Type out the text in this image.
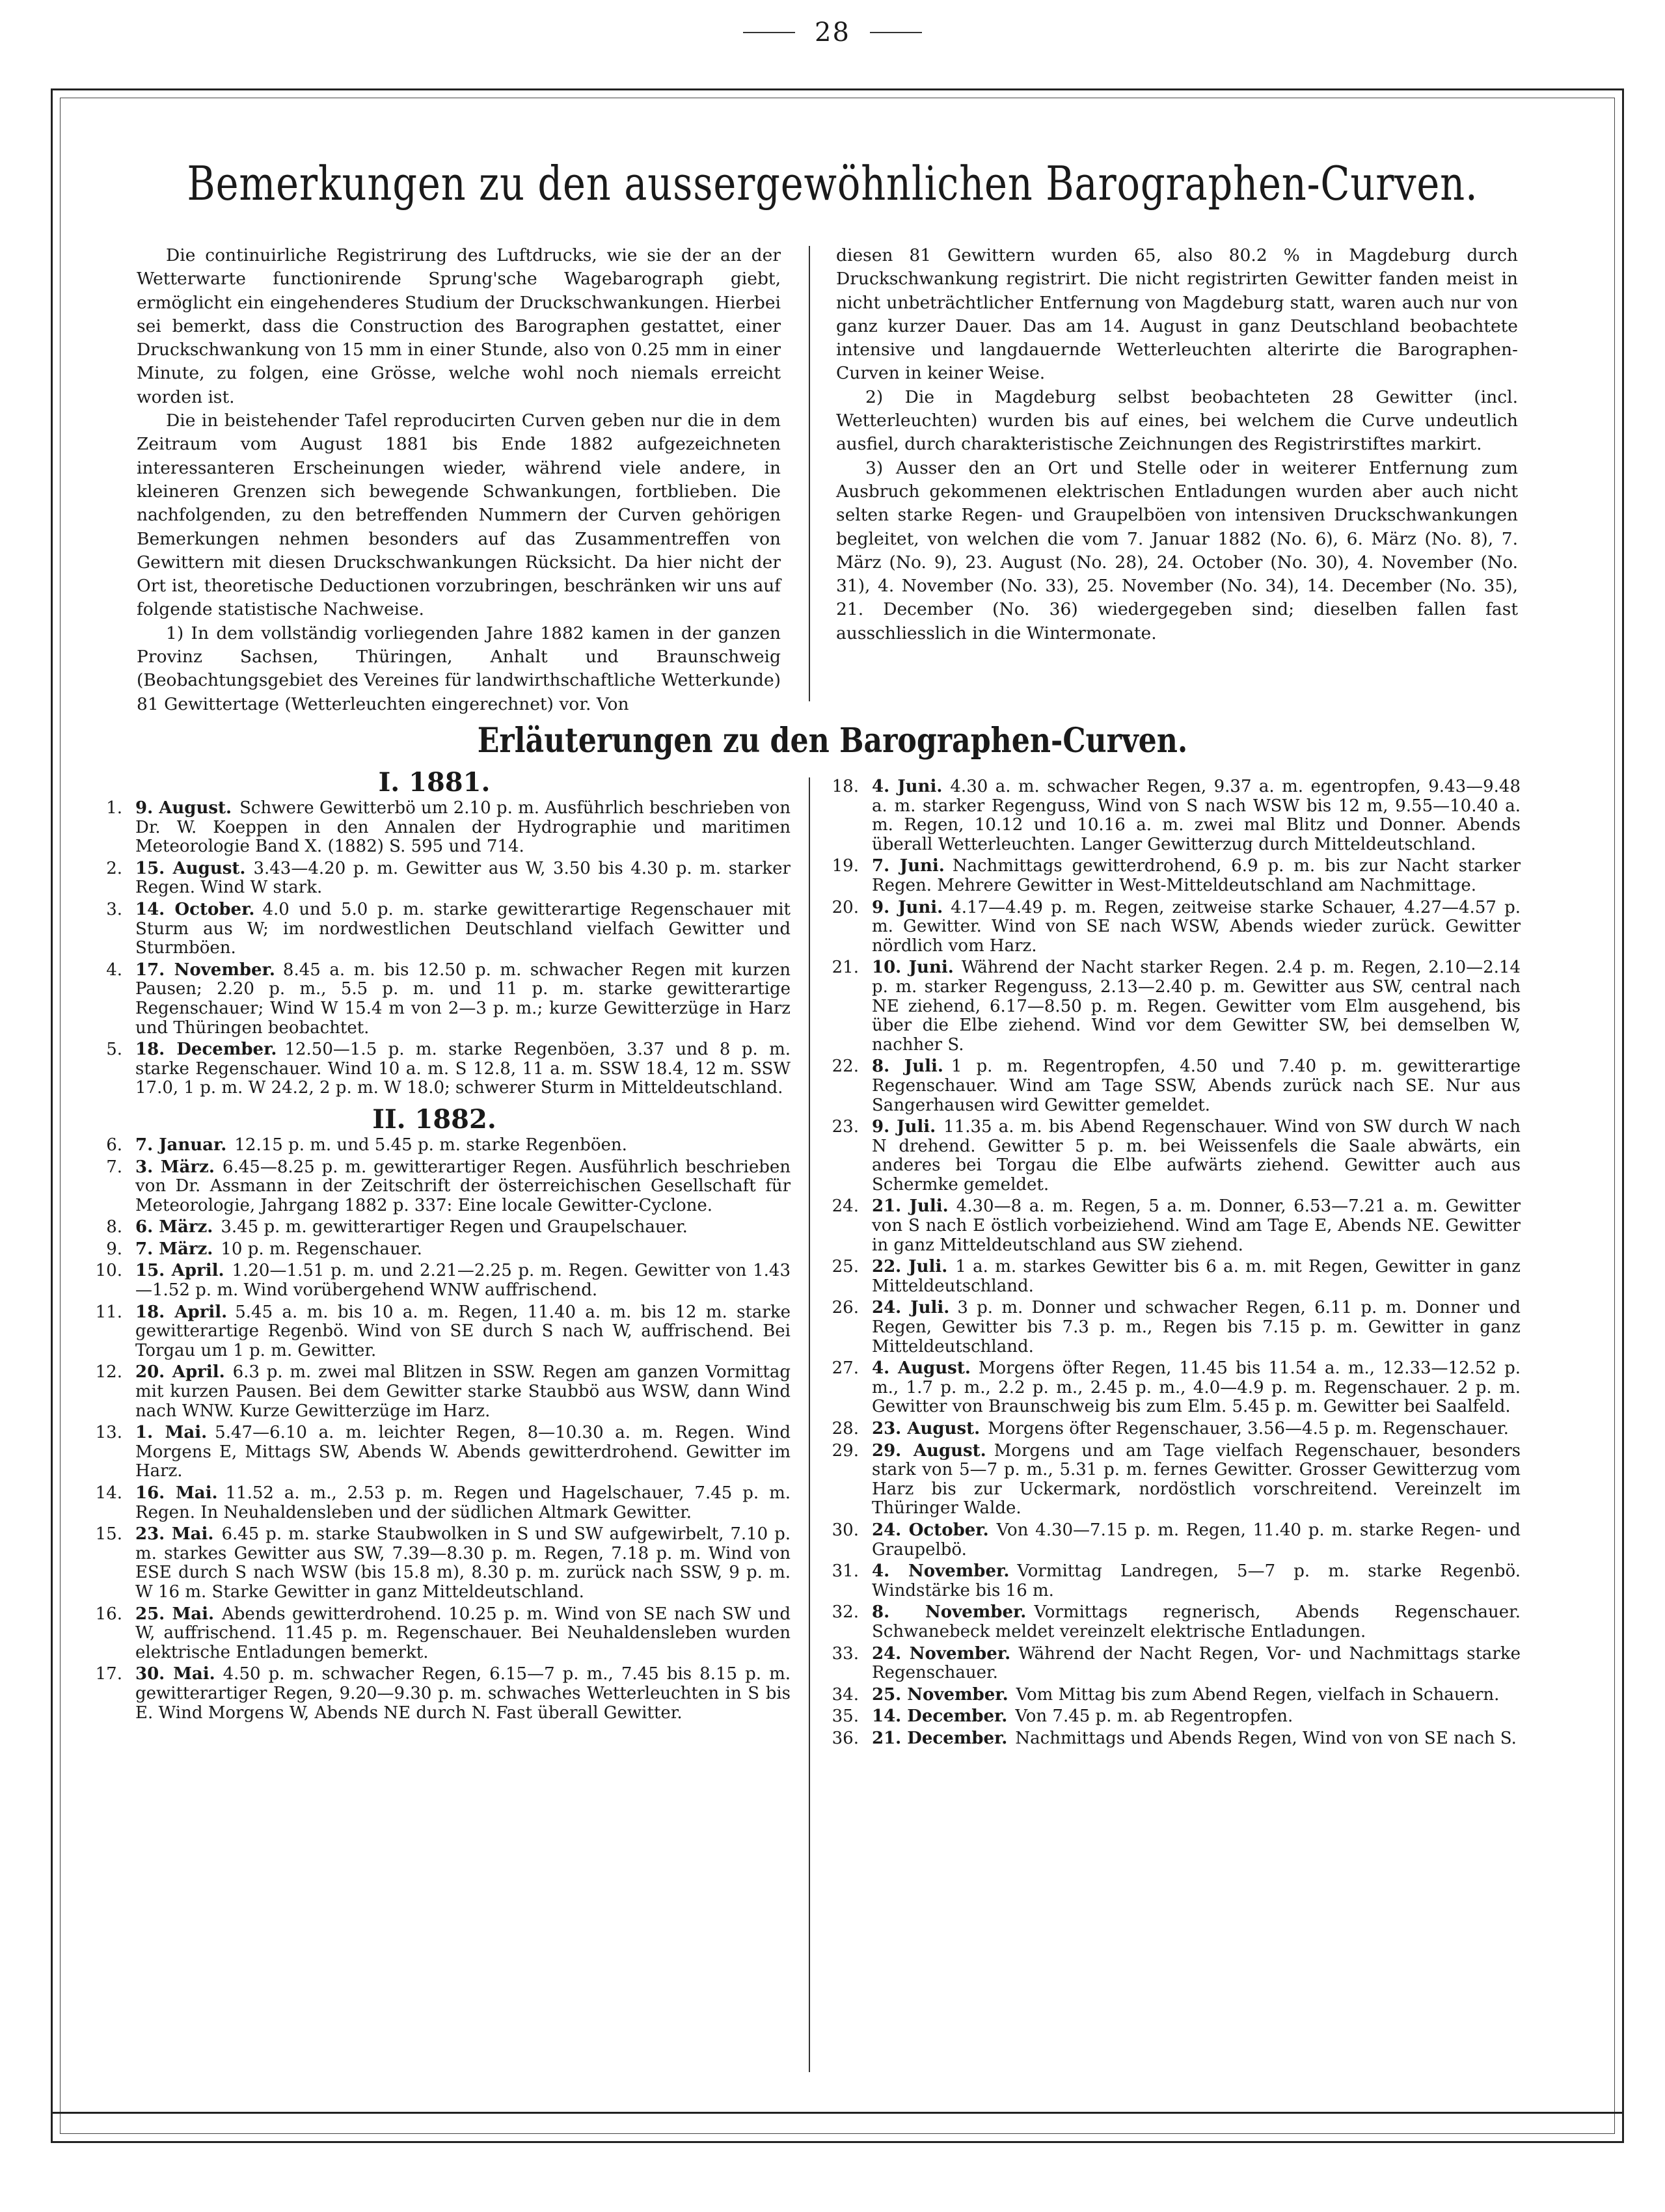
28
Bemerkungen zu den aussergewöhnlichen Barographen-Curven.

Die continuirliche Registrirung des Luftdrucks, wie sie der an der Wetterwarte functionirende Sprung'sche Wagebarograph giebt, ermöglicht ein eingehenderes Studium der Druckschwankungen. Hierbei sei bemerkt, dass die Construction des Barographen gestattet, einer Druckschwankung von 15 mm in einer Stunde, also von 0.25 mm in einer Minute, zu folgen, eine Grösse, welche wohl noch niemals erreicht worden ist.

Die in beistehender Tafel reproducirten Curven geben nur die in dem Zeitraum vom August 1881 bis Ende 1882 aufgezeichneten interessanteren Erscheinungen wieder, während viele andere, in kleineren Grenzen sich bewegende Schwankungen, fortblieben. Die nachfolgenden, zu den betreffenden Nummern der Curven gehörigen Bemerkungen nehmen besonders auf das Zusammentreffen von Gewittern mit diesen Druckschwankungen Rücksicht. Da hier nicht der Ort ist, theoretische Deductionen vorzubringen, beschränken wir uns auf folgende statistische Nachweise.

1) In dem vollständig vorliegenden Jahre 1882 kamen in der ganzen Provinz Sachsen, Thüringen, Anhalt und Braunschweig (Beobachtungsgebiet des Vereines für landwirthschaftliche Wetterkunde) 81 Gewittertage (Wetterleuchten eingerechnet) vor. Von

diesen 81 Gewittern wurden 65, also 80.2 % in Magdeburg durch Druckschwankung registrirt. Die nicht registrirten Gewitter fanden meist in nicht unbeträchtlicher Entfernung von Magdeburg statt, waren auch nur von ganz kurzer Dauer. Das am 14. August in ganz Deutschland beobachtete intensive und langdauernde Wetterleuchten alterirte die Barographen-Curven in keiner Weise.

2) Die in Magdeburg selbst beobachteten 28 Gewitter (incl. Wetterleuchten) wurden bis auf eines, bei welchem die Curve undeutlich ausfiel, durch charakteristische Zeichnungen des Registrirstiftes markirt.

3) Ausser den an Ort und Stelle oder in weiterer Entfernung zum Ausbruch gekommenen elektrischen Entladungen wurden aber auch nicht selten starke Regen- und Graupelböen von intensiven Druckschwankungen begleitet, von welchen die vom 7. Januar 1882 (No. 6), 6. März (No. 8), 7. März (No. 9), 23. August (No. 28), 24. October (No. 30), 4. November (No. 31), 4. November (No. 33), 25. November (No. 34), 14. December (No. 35), 21. December (No. 36) wiedergegeben sind; dieselben fallen fast ausschliesslich in die Wintermonate.

Erläuterungen zu den Barographen-Curven.
I. 1881.
1. 9. August. Schwere Gewitterbö um 2.10 p. m. Ausführlich beschrieben von Dr. W. Koeppen in den Annalen der Hydrographie und maritimen Meteorologie Band X. (1882) S. 595 und 714.
2. 15. August. 3.43—4.20 p. m. Gewitter aus W, 3.50 bis 4.30 p. m. starker Regen. Wind W stark.
3. 14. October. 4.0 und 5.0 p. m. starke gewitterartige Regenschauer mit Sturm aus W; im nordwestlichen Deutschland vielfach Gewitter und Sturmböen.
4. 17. November. 8.45 a. m. bis 12.50 p. m. schwacher Regen mit kurzen Pausen; 2.20 p. m., 5.5 p. m. und 11 p. m. starke gewitterartige Regenschauer; Wind W 15.4 m von 2—3 p. m.; kurze Gewitterzüge in Harz und Thüringen beobachtet.
5. 18. December. 12.50—1.5 p. m. starke Regenböen, 3.37 und 8 p. m. starke Regenschauer. Wind 10 a. m. S 12.8, 11 a. m. SSW 18.4, 12 m. SSW 17.0, 1 p. m. W 24.2, 2 p. m. W 18.0; schwerer Sturm in Mitteldeutschland.
II. 1882.
6. 7. Januar. 12.15 p. m. und 5.45 p. m. starke Regenböen.
7. 3. März. 6.45—8.25 p. m. gewitterartiger Regen. Ausführlich beschrieben von Dr. Assmann in der Zeitschrift der österreichischen Gesellschaft für Meteorologie, Jahrgang 1882 p. 337: Eine locale Gewitter-Cyclone.
8. 6. März. 3.45 p. m. gewitterartiger Regen und Graupelschauer.
9. 7. März. 10 p. m. Regenschauer.
10. 15. April. 1.20—1.51 p. m. und 2.21—2.25 p. m. Regen. Gewitter von 1.43—1.52 p. m. Wind vorübergehend WNW auffrischend.
11. 18. April. 5.45 a. m. bis 10 a. m. Regen, 11.40 a. m. bis 12 m. starke gewitterartige Regenbö. Wind von SE durch S nach W, auffrischend. Bei Torgau um 1 p. m. Gewitter.
12. 20. April. 6.3 p. m. zwei mal Blitzen in SSW. Regen am ganzen Vormittag mit kurzen Pausen. Bei dem Gewitter starke Staubbö aus WSW, dann Wind nach WNW. Kurze Gewitterzüge im Harz.
13. 1. Mai. 5.47—6.10 a. m. leichter Regen, 8—10.30 a. m. Regen. Wind Morgens E, Mittags SW, Abends W. Abends gewitterdrohend. Gewitter im Harz.
14. 16. Mai. 11.52 a. m., 2.53 p. m. Regen und Hagelschauer, 7.45 p. m. Regen. In Neuhaldensleben und der südlichen Altmark Gewitter.
15. 23. Mai. 6.45 p. m. starke Staubwolken in S und SW aufgewirbelt, 7.10 p. m. starkes Gewitter aus SW, 7.39—8.30 p. m. Regen, 7.18 p. m. Wind von ESE durch S nach WSW (bis 15.8 m), 8.30 p. m. zurück nach SSW, 9 p. m. W 16 m. Starke Gewitter in ganz Mitteldeutschland.
16. 25. Mai. Abends gewitterdrohend. 10.25 p. m. Wind von SE nach SW und W, auffrischend. 11.45 p. m. Regenschauer. Bei Neuhaldensleben wurden elektrische Entladungen bemerkt.
17. 30. Mai. 4.50 p. m. schwacher Regen, 6.15—7 p. m., 7.45 bis 8.15 p. m. gewitterartiger Regen, 9.20—9.30 p. m. schwaches Wetterleuchten in S bis E. Wind Morgens W, Abends NE durch N. Fast überall Gewitter.
18. 4. Juni. 4.30 a. m. schwacher Regen, 9.37 a. m. egentropfen, 9.43—9.48 a. m. starker Regenguss, Wind von S nach WSW bis 12 m, 9.55—10.40 a. m. Regen, 10.12 und 10.16 a. m. zwei mal Blitz und Donner. Abends überall Wetterleuchten. Langer Gewitterzug durch Mitteldeutschland.
19. 7. Juni. Nachmittags gewitterdrohend, 6.9 p. m. bis zur Nacht starker Regen. Mehrere Gewitter in West-Mitteldeutschland am Nachmittage.
20. 9. Juni. 4.17—4.49 p. m. Regen, zeitweise starke Schauer, 4.27—4.57 p. m. Gewitter. Wind von SE nach WSW, Abends wieder zurück. Gewitter nördlich vom Harz.
21. 10. Juni. Während der Nacht starker Regen. 2.4 p. m. Regen, 2.10—2.14 p. m. starker Regenguss, 2.13—2.40 p. m. Gewitter aus SW, central nach NE ziehend, 6.17—8.50 p. m. Regen. Gewitter vom Elm ausgehend, bis über die Elbe ziehend. Wind vor dem Gewitter SW, bei demselben W, nachher S.
22. 8. Juli. 1 p. m. Regentropfen, 4.50 und 7.40 p. m. gewitterartige Regenschauer. Wind am Tage SSW, Abends zurück nach SE. Nur aus Sangerhausen wird Gewitter gemeldet.
23. 9. Juli. 11.35 a. m. bis Abend Regenschauer. Wind von SW durch W nach N drehend. Gewitter 5 p. m. bei Weissenfels die Saale abwärts, ein anderes bei Torgau die Elbe aufwärts ziehend. Gewitter auch aus Schermke gemeldet.
24. 21. Juli. 4.30—8 a. m. Regen, 5 a. m. Donner, 6.53—7.21 a. m. Gewitter von S nach E östlich vorbeiziehend. Wind am Tage E, Abends NE. Gewitter in ganz Mitteldeutschland aus SW ziehend.
25. 22. Juli. 1 a. m. starkes Gewitter bis 6 a. m. mit Regen, Gewitter in ganz Mitteldeutschland.
26. 24. Juli. 3 p. m. Donner und schwacher Regen, 6.11 p. m. Donner und Regen, Gewitter bis 7.3 p. m., Regen bis 7.15 p. m. Gewitter in ganz Mitteldeutschland.
27. 4. August. Morgens öfter Regen, 11.45 bis 11.54 a. m., 12.33—12.52 p. m., 1.7 p. m., 2.2 p. m., 2.45 p. m., 4.0—4.9 p. m. Regenschauer. 2 p. m. Gewitter von Braunschweig bis zum Elm. 5.45 p. m. Gewitter bei Saalfeld.
28. 23. August. Morgens öfter Regenschauer, 3.56—4.5 p. m. Regenschauer.
29. 29. August. Morgens und am Tage vielfach Regenschauer, besonders stark von 5—7 p. m., 5.31 p. m. fernes Gewitter. Grosser Gewitterzug vom Harz bis zur Uckermark, nordöstlich vorschreitend. Vereinzelt im Thüringer Walde.
30. 24. October. Von 4.30—7.15 p. m. Regen, 11.40 p. m. starke Regen- und Graupelbö.
31. 4. November. Vormittag Landregen, 5—7 p. m. starke Regenbö. Windstärke bis 16 m.
32. 8. November. Vormittags regnerisch, Abends Regenschauer. Schwanebeck meldet vereinzelt elektrische Entladungen.
33. 24. November. Während der Nacht Regen, Vor- und Nachmittags starke Regenschauer.
34. 25. November. Vom Mittag bis zum Abend Regen, vielfach in Schauern.
35. 14. December. Von 7.45 p. m. ab Regentropfen.
36. 21. December. Nachmittags und Abends Regen, Wind von von SE nach S.
